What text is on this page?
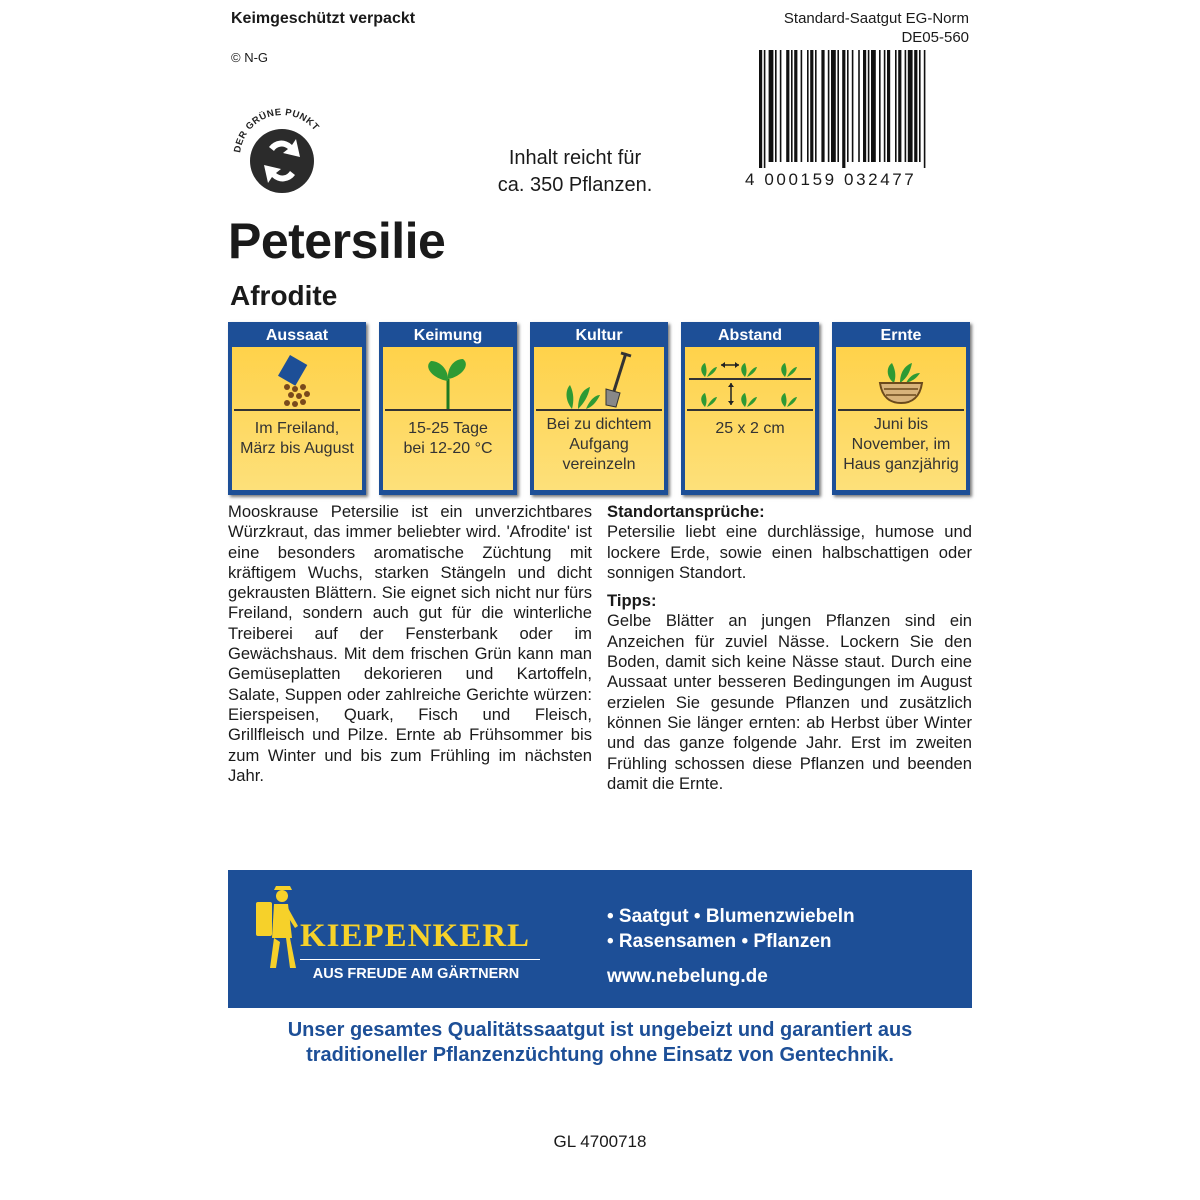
Keimgeschützt verpackt
© N-G
Standard-Saatgut EG-Norm
DE05-560
DER GRÜNE PUNKT
Inhalt reicht für
ca. 350 Pflanzen.	4 000159 032477
Petersilie
Afrodite
Aussaat
Im Freiland,
März bis August
Keimung
15-25 Tage
bei 12-20 °C
Kultur
Bei zu dichtem
Aufgang
vereinzeln
Abstand
25 x 2 cm
Ernte
Juni bis
November, im
Haus ganzjährig
Mooskrause Petersilie ist ein unverzichtbares Würzkraut, das immer beliebter wird. 'Afrodite' ist eine besonders aromatische Züchtung mit kräftigem Wuchs, starken Stängeln und dicht gekrausten Blättern. Sie eignet sich nicht nur fürs Freiland, sondern auch gut für die winterliche Treiberei auf der Fensterbank oder im Gewächshaus. Mit dem frischen Grün kann man Gemüseplatten dekorieren und Kartoffeln, Salate, Suppen oder zahlreiche Gerichte würzen: Eierspeisen, Quark, Fisch und Fleisch, Grillfleisch und Pilze. Ernte ab Frühsommer bis zum Winter und bis zum Frühling im nächsten Jahr.
Standortansprüche:

Petersilie liebt eine durchlässige, humose und lockere Erde, sowie einen halbschattigen oder sonnigen Standort.

Tipps:

Gelbe Blätter an jungen Pflanzen sind ein Anzeichen für zuviel Nässe. Lockern Sie den Boden, damit sich keine Nässe staut. Durch eine Aussaat unter besseren Bedingungen im August erzielen Sie gesunde Pflanzen und zusätzlich können Sie länger ernten: ab Herbst über Winter und das ganze folgende Jahr. Erst im zweiten Frühling schossen diese Pflanzen und beenden damit die Ernte.

KIEPENKERL
AUS FREUDE AM GÄRTNERN
• Saatgut • Blumenzwiebeln
• Rasensamen • Pflanzen
www.nebelung.de
Unser gesamtes Qualitätssaatgut ist ungebeizt und garantiert aus
traditioneller Pflanzenzüchtung ohne Einsatz von Gentechnik.
GL 4700718
